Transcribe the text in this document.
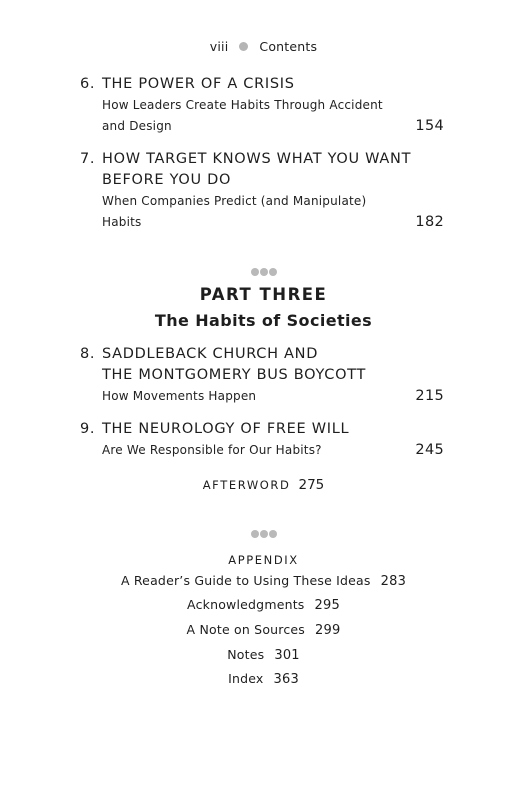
viii Contents
6. THE POWER OF A CRISIS
How Leaders Create Habits Through Accident
and Design	154
7. HOW TARGET KNOWS WHAT YOU WANT
BEFORE YOU DO
When Companies Predict (and Manipulate)
Habits	182
PART THREE
The Habits of Societies
8. SADDLEBACK CHURCH AND
THE MONTGOMERY BUS BOYCOTT
How Movements Happen	215
9. THE NEUROLOGY OF FREE WILL
Are We Responsible for Our Habits?	245
AFTERWORD 275
APPENDIX
A Reader’s Guide to Using These Ideas 283
Acknowledgments 295
A Note on Sources 299
Notes 301
Index 363
